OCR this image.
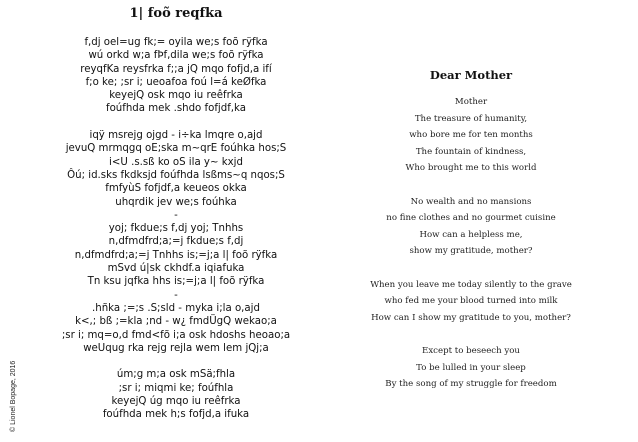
© Lionel Bopage, 2016
1| foõ reqfka
f,dj oel=ug fk;= oyila we;s foõ rÿfka
wú orkd w;a fÞf,dila we;s foõ rÿfka
reyqfKa reysfrka f;;a jQ mqo fofjd,a ifí
f;o ke; ;sr i; ueoafoa foú l=á keØfka
keyejQ osk mqo iu reêfrka
foúfhda mek .shdo fofjdf,ka
iqÿ msrejg ojgd - i÷ka lmqre o,ajd
jevuQ mrmqgq oE;ska m~qrE foúhka hos;S
i<U .s.sß ko oS ila y~ kxjd
Ôú; id.sks fkdksjd foúfhda lsßms~q nqos;S
fmfyùS fofjdf,a keueos okka
uhqrdik jev we;s foúhka
-
yoj; fkdue;s f,dj yoj; Tnhhs
n,dfmdfrd;a;=j fkdue;s f,dj
n,dfmdfrd;a;=j Tnhhs is;=j;a l| foõ rÿfka
mSvd ú|sk ckhdf.a iqiafuka
Tn ksu jqfka hhs is;=j;a l| foõ rÿfka
-
.hñka ;=;s .S;sld - myka i;la o,ajd
k<,; bß ;=kla ;nd - w¿ fmdÜgQ wekao;a
;sr i; mq=o,d fmd<fõ i;a osk hdoshs heoao;a
weUqug rka rejg rejla wem lem jQj;a
úm;g m;a osk mSä;fhla
;sr i; miqmi ke; foúfhla
keyejQ úg mqo iu reêfrka
foúfhda mek h;s fofjd,a ifuka
Dear Mother
Mother
The treasure of humanity,
who bore me for ten months
The fountain of kindness,
Who brought me to this world
No wealth and no mansions
no fine clothes and no gourmet cuisine
How can a helpless me,
show my gratitude, mother?
When you leave me today silently to the grave
who fed me your blood turned into milk
How can I show my gratitude to you, mother?
Except to beseech you
To be lulled in your sleep
By the song of my struggle for freedom
